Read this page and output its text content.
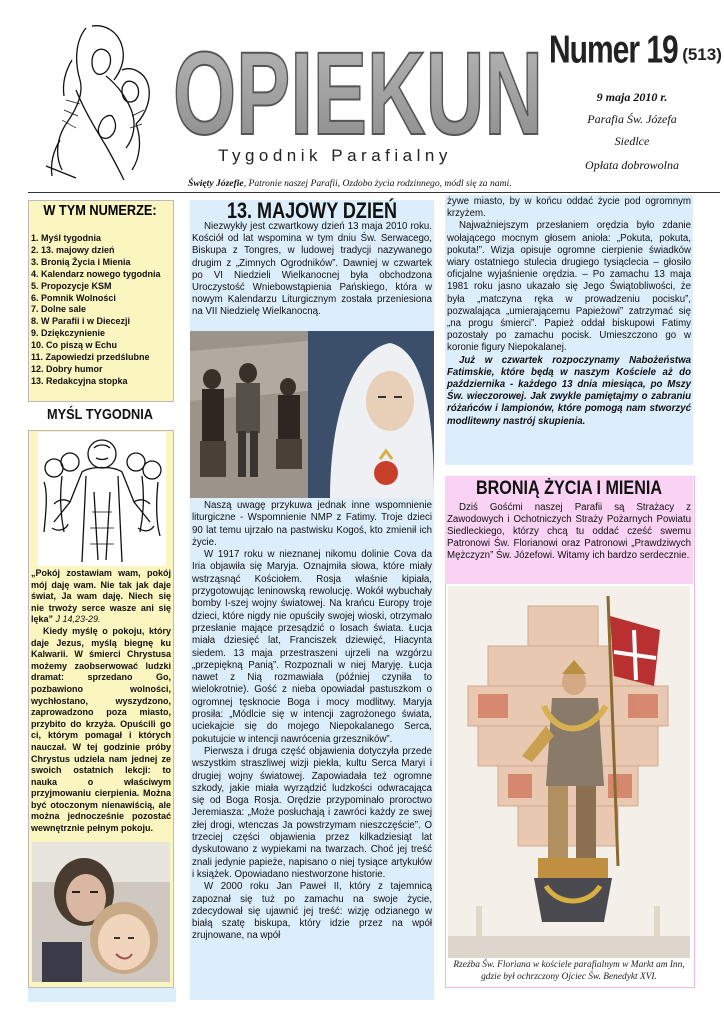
OPIEKUN
Tygodnik Parafialny
Numer 19 (513)
9 maja 2010 r.
Parafia Św. Józefa
Siedlce
Opłata dobrowolna
Święty Józefie, Patronie naszej Parafii, Ozdobo życia rodzinnego, módl się za nami.
W TYM NUMERZE:
1. Myśl tygodnia
2. 13. majowy dzień
3. Bronią Życia i Mienia
4. Kalendarz nowego tygodnia
5. Propozycje KSM
6. Pomnik Wolności
7. Dolne sale
8. W Parafii i w Diecezji
9. Dziękczynienie
10. Co piszą w Echu
11. Zapowiedzi przedślubne
12. Dobry humor
13. Redakcyjna stopka
MYŚL TYGODNIA
„Pokój zostawiam wam, pokój mój daję wam. Nie tak jak daje świat, Ja wam daję. Niech się nie trwoży serce wasze ani się lęka” J 14,23-29.
Kiedy myślę o pokoju, który daje Jezus, myślą biegnę ku Kalwarii. W śmierci Chrystusa możemy zaobserwować ludzki dramat: sprzedano Go, pozbawiono wolności, wychłostano, wyszydzono, zaprowadzono poza miasto, przybito do krzyża. Opuścili go ci, którym pomagał i których nauczał. W tej godzinie próby Chrystus udziela nam jednej ze swoich ostatnich lekcji: to nauka o właściwym przyjmowaniu cierpienia. Można być otoczonym nienawiścią, ale można jednocześnie pozostać wewnętrznie pełnym pokoju.
13. MAJOWY DZIEŃ

Niezwykły jest czwartkowy dzień 13 maja 2010 roku. Kościół od lat wspomina w tym dniu Św. Serwacego, Biskupa z Tongres, w ludowej tradycji nazywanego drugim z „Zimnych Ogrodników”. Dawniej w czwartek po VI Niedzieli Wielkanocnej była obchodzona Uroczystość Wniebowstąpienia Pańskiego, która w nowym Kalendarzu Liturgicznym została przeniesiona na VII Niedzielę Wielkanocną.

Naszą uwagę przykuwa jednak inne wspomnienie liturgiczne - Wspomnienie NMP z Fatimy. Troje dzieci 90 lat temu ujrzało na pastwisku Kogoś, kto zmienił ich życie.

W 1917 roku w nieznanej nikomu dolinie Cova da Iria objawiła się Maryja. Oznajmiła słowa, które miały wstrząsnąć Kościołem. Rosja właśnie kipiała, przygotowując leninowską rewolucję. Wokół wybuchały bomby I-szej wojny światowej. Na krańcu Europy troje dzieci, które nigdy nie opuściły swojej wioski, otrzymało przesłanie mające przesądzić o losach świata. Łucja miała dziesięć lat, Franciszek dziewięć, Hiacynta siedem. 13 maja przestraszeni ujrzeli na wzgórzu „przepiękną Panią”. Rozpoznali w niej Maryję. Łucja nawet z Nią rozmawiała (później czyniła to wielokrotnie). Gość z nieba opowiadał pastuszkom o ogromnej tęsknocie Boga i mocy modlitwy. Maryja prosiła: „Módlcie się w intencji zagrożonego świata, uciekajcie się do mojego Niepokalanego Serca, pokutujcie w intencji nawrócenia grzeszników”.

Pierwsza i druga część objawienia dotyczyła przede wszystkim straszliwej wizji piekła, kultu Serca Maryi i drugiej wojny światowej. Zapowiadała też ogromne szkody, jakie miała wyrządzić ludzkości odwracająca się od Boga Rosja. Orędzie przypominało proroctwo Jeremiasza: „Może posłuchają i zawróci każdy ze swej złej drogi, wtenczas Ja powstrzymam nieszczęście”. O trzeciej części objawienia przez kilkadziesiąt lat dyskutowano z wypiekami na twarzach. Choć jej treść znali jedynie papieże, napisano o niej tysiące artykułów i książek. Opowiadano niestworzone historie.

W 2000 roku Jan Paweł II, który z tajemnicą zapoznał się tuż po zamachu na swoje życie, zdecydował się ujawnić jej treść: wizję odzianego w białą szatę biskupa, który idzie przez na wpół zrujnowane, na wpół

żywe miasto, by w końcu oddać życie pod ogromnym krzyżem.

Najważniejszym przesłaniem orędzia było zdanie wołającego mocnym głosem anioła: „Pokuta, pokuta, pokuta!”. Wizja opisuje ogromne cierpienie świadków wiary ostatniego stulecia drugiego tysiąclecia – głosiło oficjalne wyjaśnienie orędzia. – Po zamachu 13 maja 1981 roku jasno ukazało się Jego Świątobliwości, że była „matczyna ręka w prowadzeniu pocisku”, pozwalająca „umierającemu Papieżowi” zatrzymać się „na progu śmierci”. Papież oddał biskupowi Fatimy pozostały po zamachu pocisk. Umieszczono go w koronie figury Niepokalanej.

Już w czwartek rozpoczynamy Nabożeństwa Fatimskie, które będą w naszym Kościele aż do października - każdego 13 dnia miesiąca, po Mszy Św. wieczorowej. Jak zwykle pamiętajmy o zabraniu różańców i lampionów, które pomogą nam stworzyć modlitewny nastrój skupienia.

BRONIĄ ŻYCIA I MIENIA

Dziś Gośćmi naszej Parafii są Strażacy z Zawodowych i Ochotniczych Straży Pożarnych Powiatu Siedleckiego, którzy chcą tu oddać cześć swemu Patronowi Św. Florianowi oraz Patronowi „Prawdziwych Mężczyzn” Św. Józefowi. Witamy ich bardzo serdecznie.

Rzeźba Św. Floriana w kościele parafialnym w Markt am Inn, gdzie był ochrzczony Ojciec Św. Benedykt XVI.
